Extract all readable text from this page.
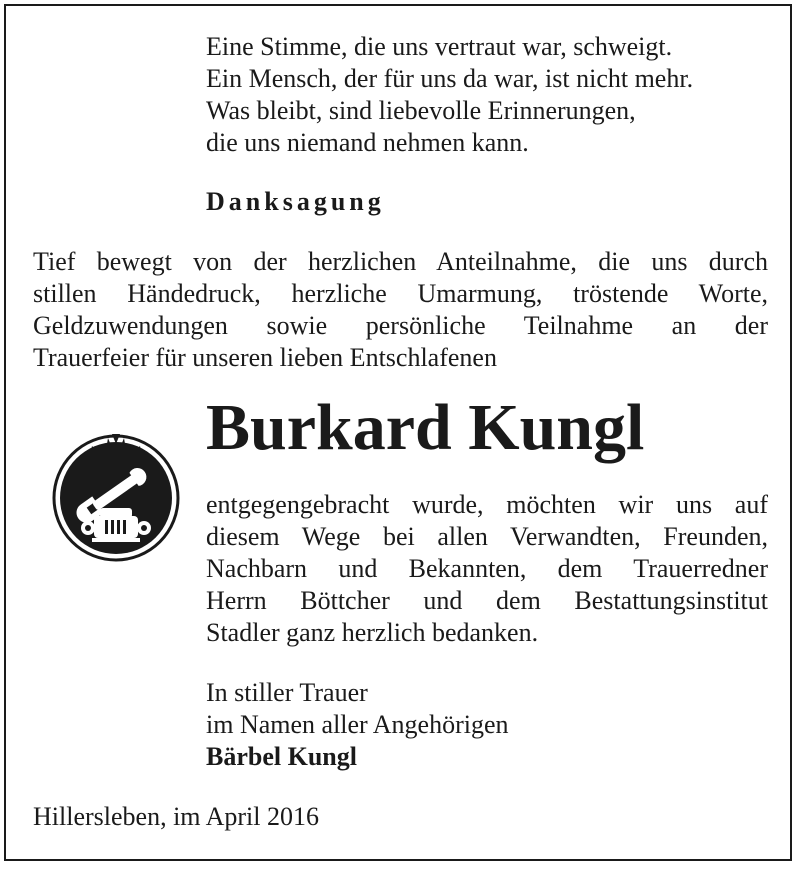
Eine Stimme, die uns vertraut war, schweigt.
Ein Mensch, der für uns da war, ist nicht mehr.
Was bleibt, sind liebevolle Erinnerungen,
die uns niemand nehmen kann.

Danksagung

Tief bewegt von der herzlichen Anteilnahme, die uns durch
stillen Händedruck, herzliche Umarmung, tröstende Worte,
Geldzuwendungen sowie persönliche Teilnahme an der
Trauerfeier für unseren lieben Entschlafenen

Burkard Kungl

entgegengebracht wurde, möchten wir uns auf
diesem Wege bei allen Verwandten, Freunden,
Nachbarn und Bekannten, dem Trauerredner
Herrn Böttcher und dem Bestattungsinstitut
Stadler ganz herzlich bedanken.

In stiller Trauer
im Namen aller Angehörigen
Bärbel Kungl

Hillersleben, im April 2016
